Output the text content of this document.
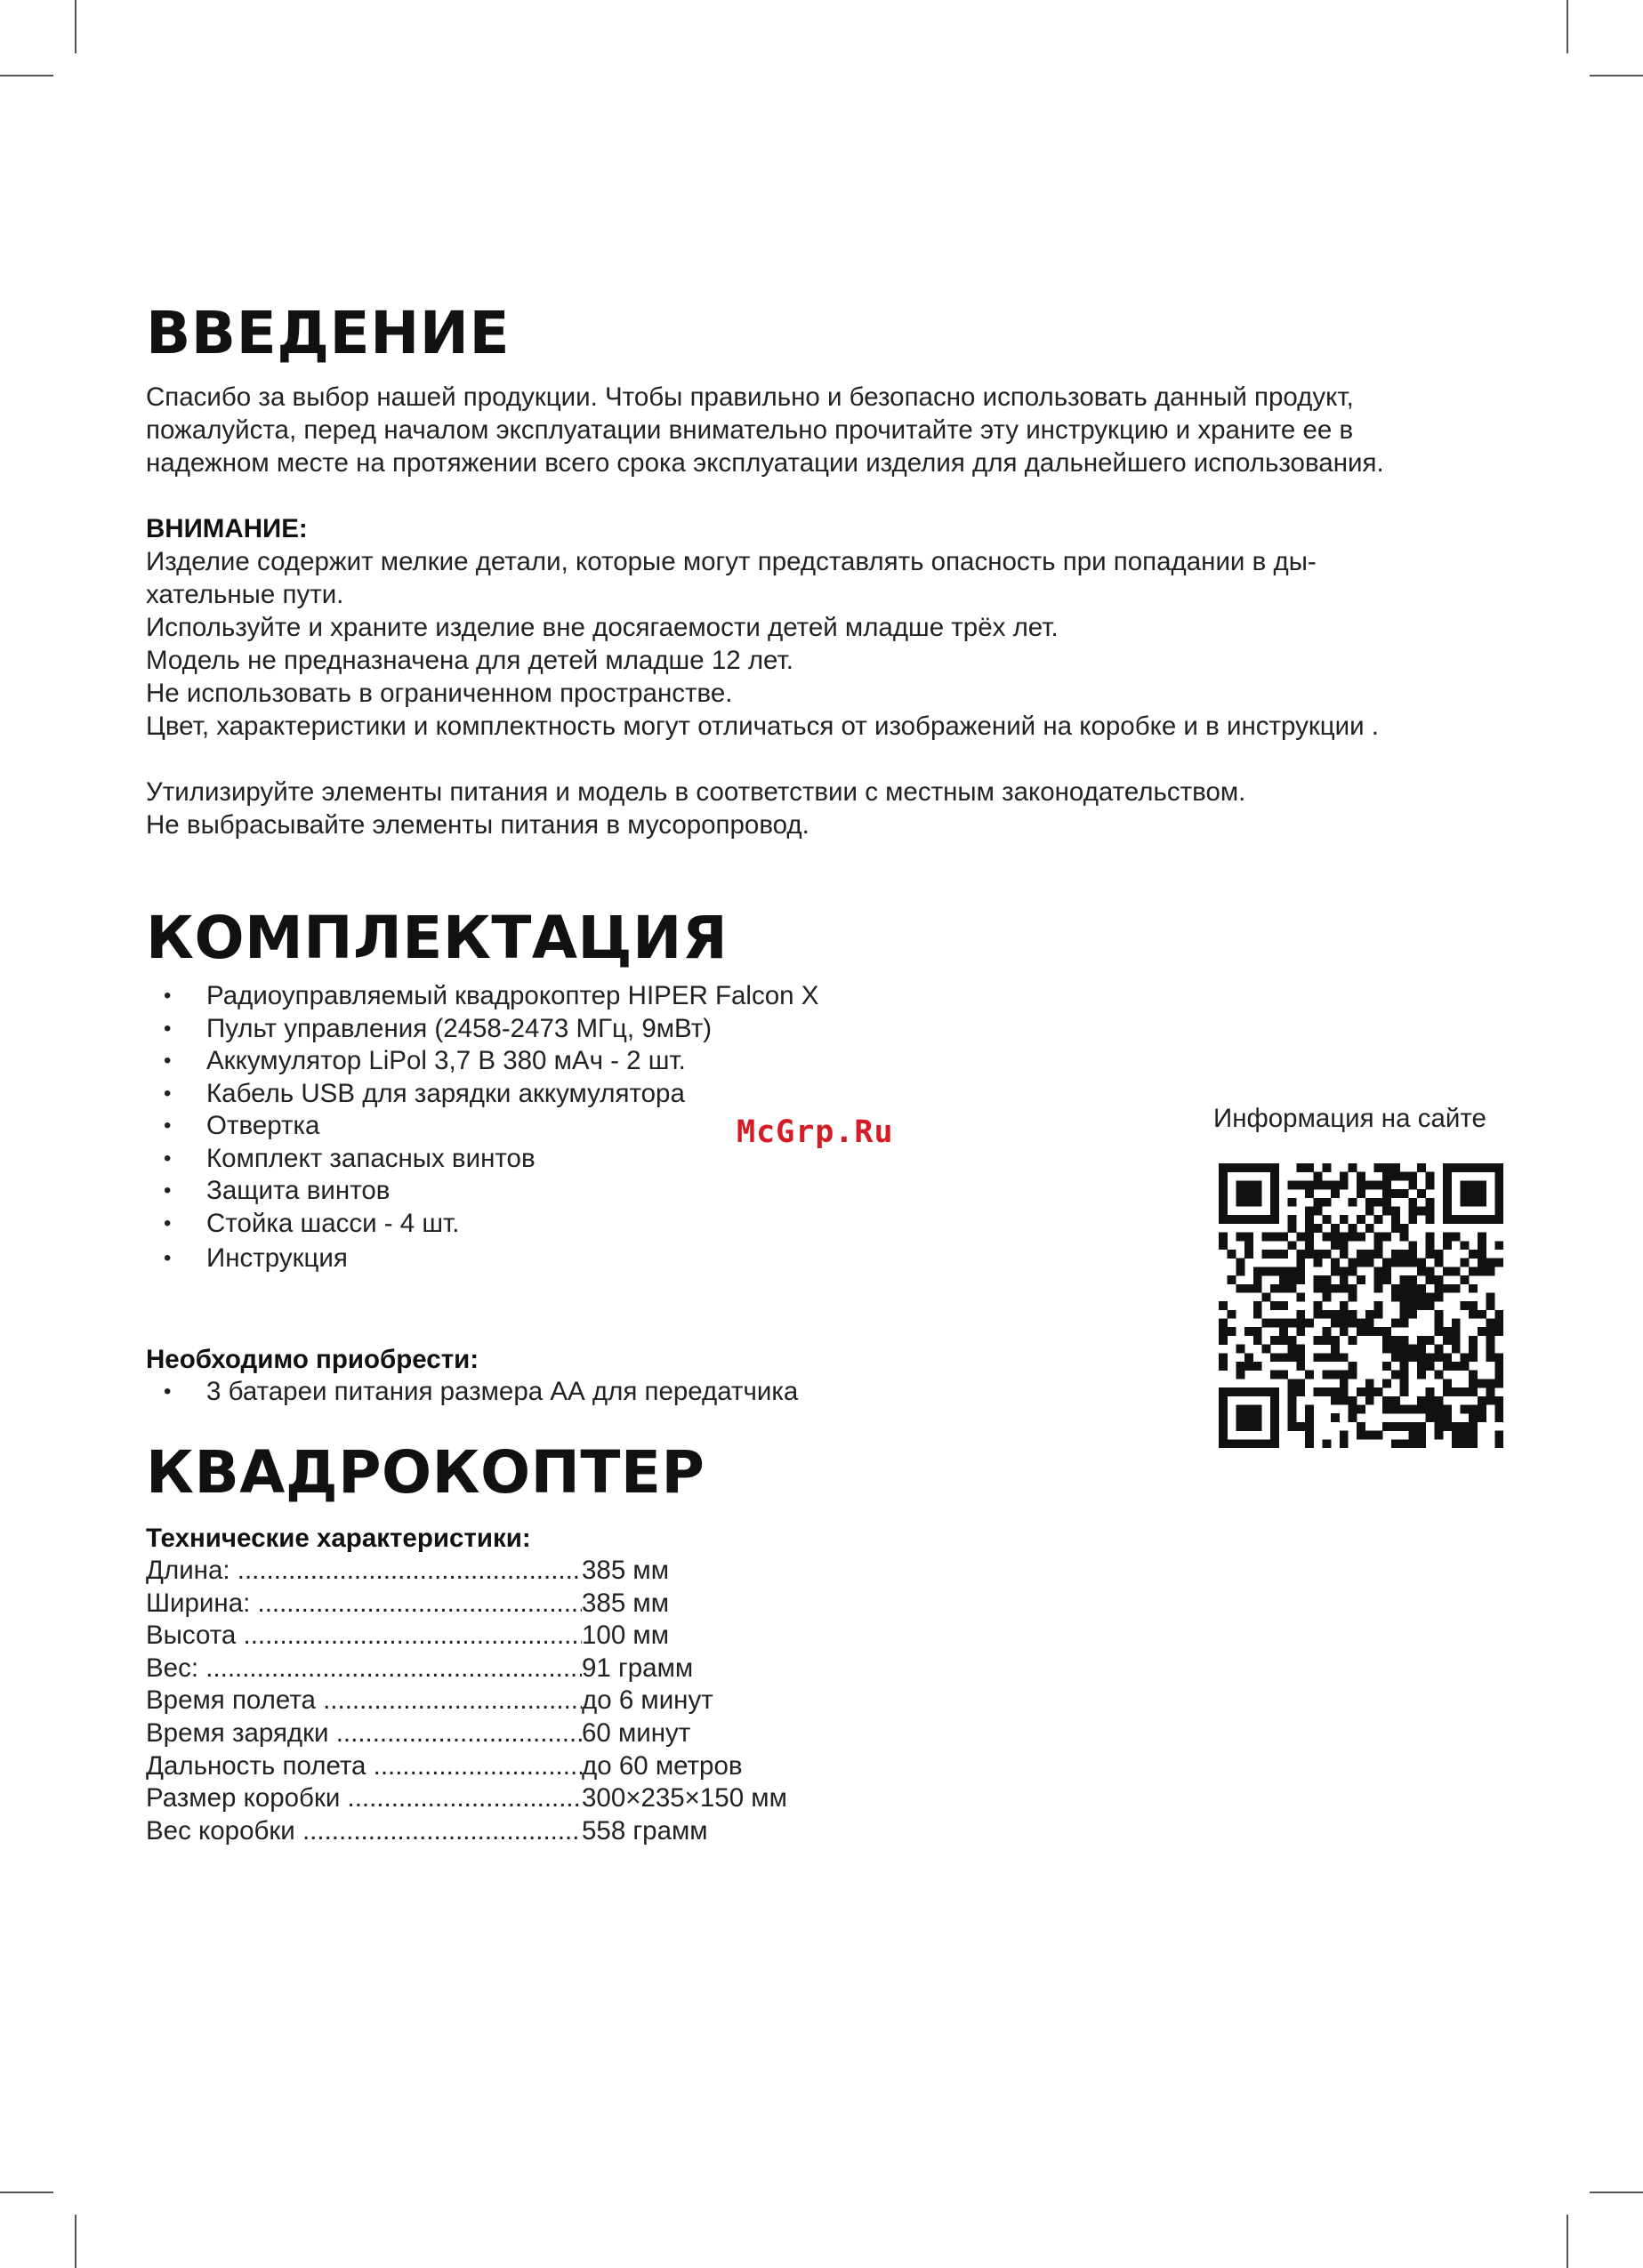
ВВЕДЕНИЕ

Спасибо за выбор нашей продукции. Чтобы правильно и безопасно использовать данный продукт,

пожалуйста, перед началом эксплуатации внимательно прочитайте эту инструкцию и храните ее в

надежном месте на протяжении всего срока эксплуатации изделия для дальнейшего использования.

ВНИМАНИЕ:

Изделие содержит мелкие детали, которые могут представлять опасность при попадании в ды-

хательные пути.

Используйте и храните изделие вне досягаемости детей младше трёх лет.

Модель не предназначена для детей младше 12 лет.

Не использовать в ограниченном пространстве.

Цвет, характеристики и комплектность могут отличаться от изображений на коробке и в инструкции .

Утилизируйте элементы питания и модель в соответствии с местным законодательством.

Не выбрасывайте элементы питания в мусоропровод.

КОМПЛЕКТАЦИЯ
• Радиоуправляемый квадрокоптер HIPER Falcon X
• Пульт управления (2458-2473 МГц, 9мВт)
• Аккумулятор LiPol 3,7 В 380 мАч - 2 шт.
• Кабель USB для зарядки аккумулятора
• Отвертка
• Комплект запасных винтов
• Защита винтов
• Стойка шасси - 4 шт.
• Инструкция
Необходимо приобрести:
• 3 батареи питания размера АА для передатчика
КВАДРОКОПТЕР
Технические характеристики:
Длина: .....	385 мм
Ширина: .....	385 мм
Высота .....	100 мм
Вес: .....	91 грамм
Время полета .....	до 6 минут
Время зарядки .....	60 минут
Дальность полета .....	до 60 метров
Размер коробки .....	300×235×150 мм
Вес коробки .....	558 грамм
McGrp.Ru	Информация на сайте
